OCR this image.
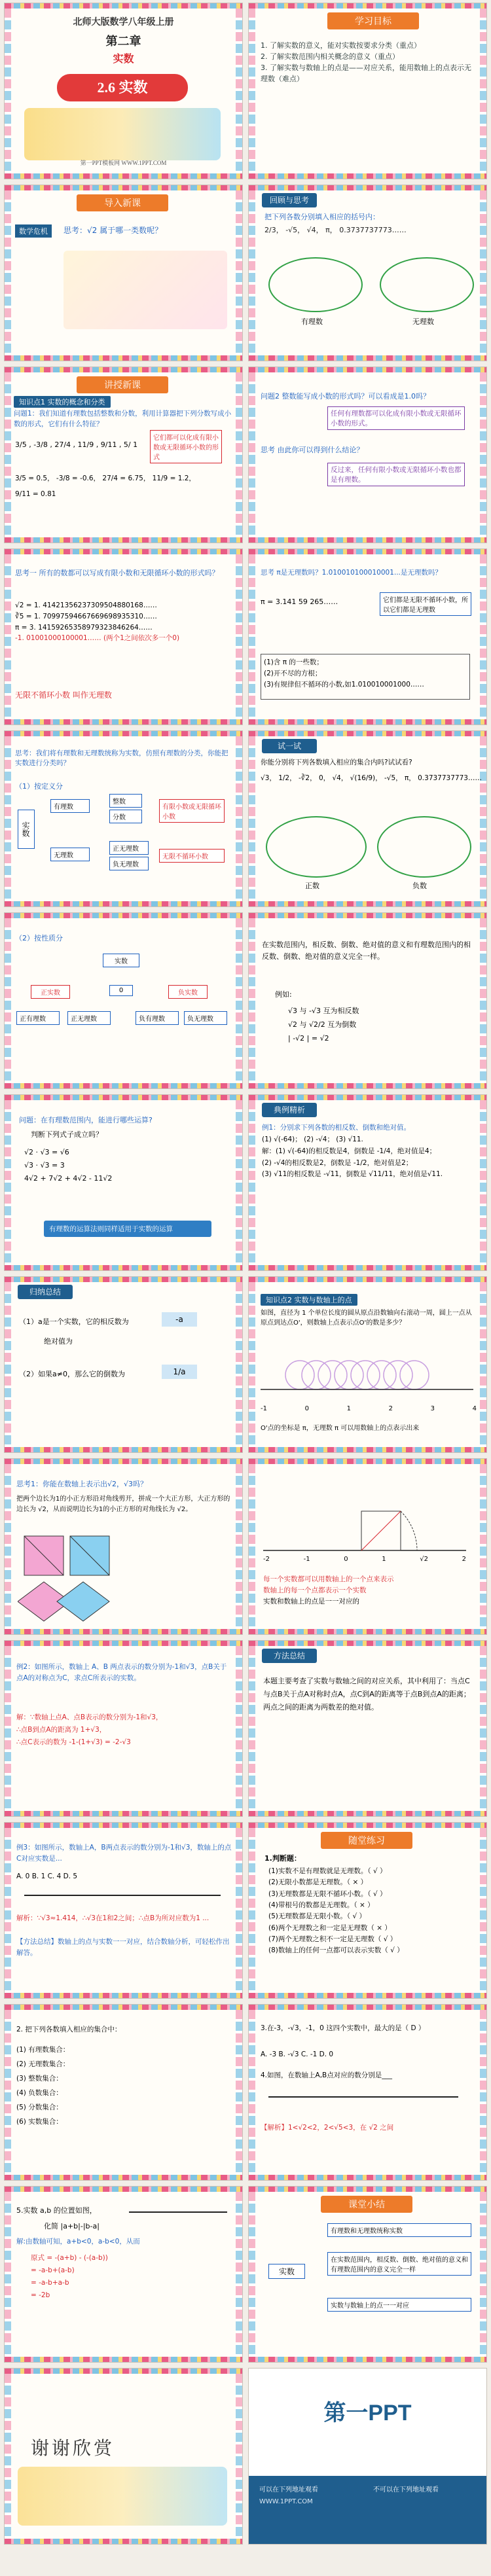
北师大版数学八年级上册
第二章
实数
2.6 实数
第一PPT模板网 WWW.1PPT.COM
学习目标
1. 了解实数的意义，能对实数按要求分类（重点）
2. 了解实数范围内相关概念的意义（重点）
3. 了解实数与数轴上的点是——对应关系，能用数轴上的点表示无理数（难点）
导入新课
数学危机	思考：√2 属于哪一类数呢？
回顾与思考
把下列各数分别填入相应的括号内：
2/3， -√5， √4， π， 0.3737737773……
有理数	无理数
讲授新课
知识点1 实数的概念和分类
问题1：我们知道有理数包括整数和分数，利用计算器把下列分数写成小数的形式，它们有什么特征？
3/5 , -3/8 , 27/4 , 11/9 , 9/11 , 5/ 1
3/5 = 0.5， -3/8 = -0.6， 27/4 = 6.75， 11/9 = 1.2，
9/11 = 0.81
它们都可以化成有限小数或无限循环小数的形式
问题2 整数能写成小数的形式吗？可以看成是1.0吗？
任何有理数都可以化成有限小数或无限循环小数的形式。
思考 由此你可以得到什么结论？
反过来，任何有限小数或无限循环小数也都是有理数。
思考一 所有的数都可以写成有限小数和无限循环小数的形式吗？
√2 = 1. 41421356237309504880168……
∛5 = 1. 70997594667669698935310……
π = 3. 14159265358979323846264……
-1. 01001000100001…… (两个1之间依次多一个0)
无限不循环小数 叫作无理数
思考 π是无理数吗？1.010010100010001...是无理数吗？
π = 3.141 59 265……	它们都是无限不循环小数，所以它们都是无理数
(1)含 π 的一些数；
(2)开不尽的方根；
(3)有规律但不循环的小数,如1.010010001000……
思考：我们将有理数和无理数统称为实数，仿照有理数的分类，你能把实数进行分类吗？
（1）按定义分
实数
有理数
无理数
整数
分数
正无理数
负无理数
有限小数或无限循环小数
无限不循环小数
试一试
你能分别将下列各数填入相应的集合内吗?试试看?
√3， 1/2， -∛2， 0， √4， √(16/9)， -√5， π， 0.3737737773……
正数	负数
（2）按性质分
实数
正实数	0	负实数
正有理数	正无理数	负有理数	负无理数
在实数范围内，相反数、倒数、绝对值的意义和有理数范围内的相反数、倒数、绝对值的意义完全一样。
例如:
√3 与 -√3 互为相反数
√2 与 √2/2 互为倒数
| -√2 | = √2
问题：在有理数范围内，能进行哪些运算?
判断下列式子成立吗？
√2 · √3 = √6
√3 · √3 = 3
4√2 + 7√2 + 4√2 - 11√2
有理数的运算法则同样适用于实数的运算
典例精析
例1：分别求下列各数的相反数、倒数和绝对值。
(1) √(-64)； (2) -√4； (3) √11.
解：(1) √(-64)的相反数是4，倒数是 -1/4，绝对值是4；
(2) -√4的相反数是2，倒数是 -1/2，绝对值是2；
(3) √11的相反数是 -√11，倒数是 √11/11，绝对值是√11.
归纳总结
（1）a是一个实数，它的相反数为	-a
绝对值为
（2）如果a≠0，那么它的倒数为	1/a
知识点2 实数与数轴上的点
如图，直径为 1 个单位长度的圆从原点沿数轴向右滚动一周，圆上一点从原点到达点O'，则数轴上点表示点O'的数是多少？
-1	0	1	2	3	4
O'点的坐标是 π，无理数 π 可以用数轴上的点表示出来
思考1：你能在数轴上表示出√2，√3吗？
把两个边长为1的小正方形沿对角线剪开，拼成一个大正方形，大正方形的边长为 √2，从而说明边长为1的小正方形的对角线长为 √2。
-2	-1	0	1	√2	2
每一个实数都可以用数轴上的一个点来表示
数轴上的每一个点都表示一个实数
实数和数轴上的点是一一对应的
例2：如图所示，数轴上 A、B 两点表示的数分别为-1和√3，点B关于点A的对称点为C，求点C所表示的实数。
解：∵数轴上点A、点B表示的数分别为-1和√3，
∴点B到点A的距离为 1+√3，
∴点C表示的数为 -1-(1+√3) = -2-√3
方法总结
本题主要考查了实数与数轴之间的对应关系，其中利用了：当点C与点B关于点A对称时点A，点C到A的距离等于点B到点A的距离；两点之间的距离为两数差的绝对值。
例3：如图所示，数轴上A，B两点表示的数分别为-1和√3，数轴上的点C对应实数是...
A. 0 B. 1 C. 4 D. 5
解析：∵√3≈1.414，∴√3在1和2之间；∴点B为所对应数为1 ...
【方法总结】数轴上的点与实数一一对应，结合数轴分析，可轻松作出解答。
随堂练习
1.判断题：
(1)实数不是有理数就是无理数。（ √ ）
(2)无限小数都是无理数。（ × ）
(3)无理数都是无限不循环小数。（ √ ）
(4)带根号的数都是无理数。（ × ）
(5)无理数都是无限小数。（ √ ）
(6)两个无理数之和一定是无理数（ × ）
(7)两个无理数之积不一定是无理数（ √ ）
(8)数轴上的任何一点都可以表示实数（ √ ）
2. 把下列各数填入相应的集合中：
(1) 有理数集合：
(2) 无理数集合：
(3) 整数集合：
(4) 负数集合：
(5) 分数集合：
(6) 实数集合：
3.在-3，-√3，-1，0 这四个实数中，最大的是（ D ）
A. -3 B. -√3 C. -1 D. 0
4.如图，在数轴上A,B点对应的数分别是___
【解析】1<√2<2，2<√5<3，在 √2 之间
5.实数 a,b 的位置如图，
化简 |a+b|-|b-a|
解:由数轴可知，a+b<0，a-b<0，从而
原式 = -(a+b) - (-(a-b))
= -a-b+(a-b)
= -a-b+a-b
= -2b
课堂小结
实数
有理数和无理数统称实数
在实数范围内，相反数、倒数、绝对值的意义和有理数范围内的意义完全一样
实数与数轴上的点一一对应
谢谢欣赏
第一PPT
可以在下列地址观看	不可以在下列地址观看
WWW.1PPT.COM
